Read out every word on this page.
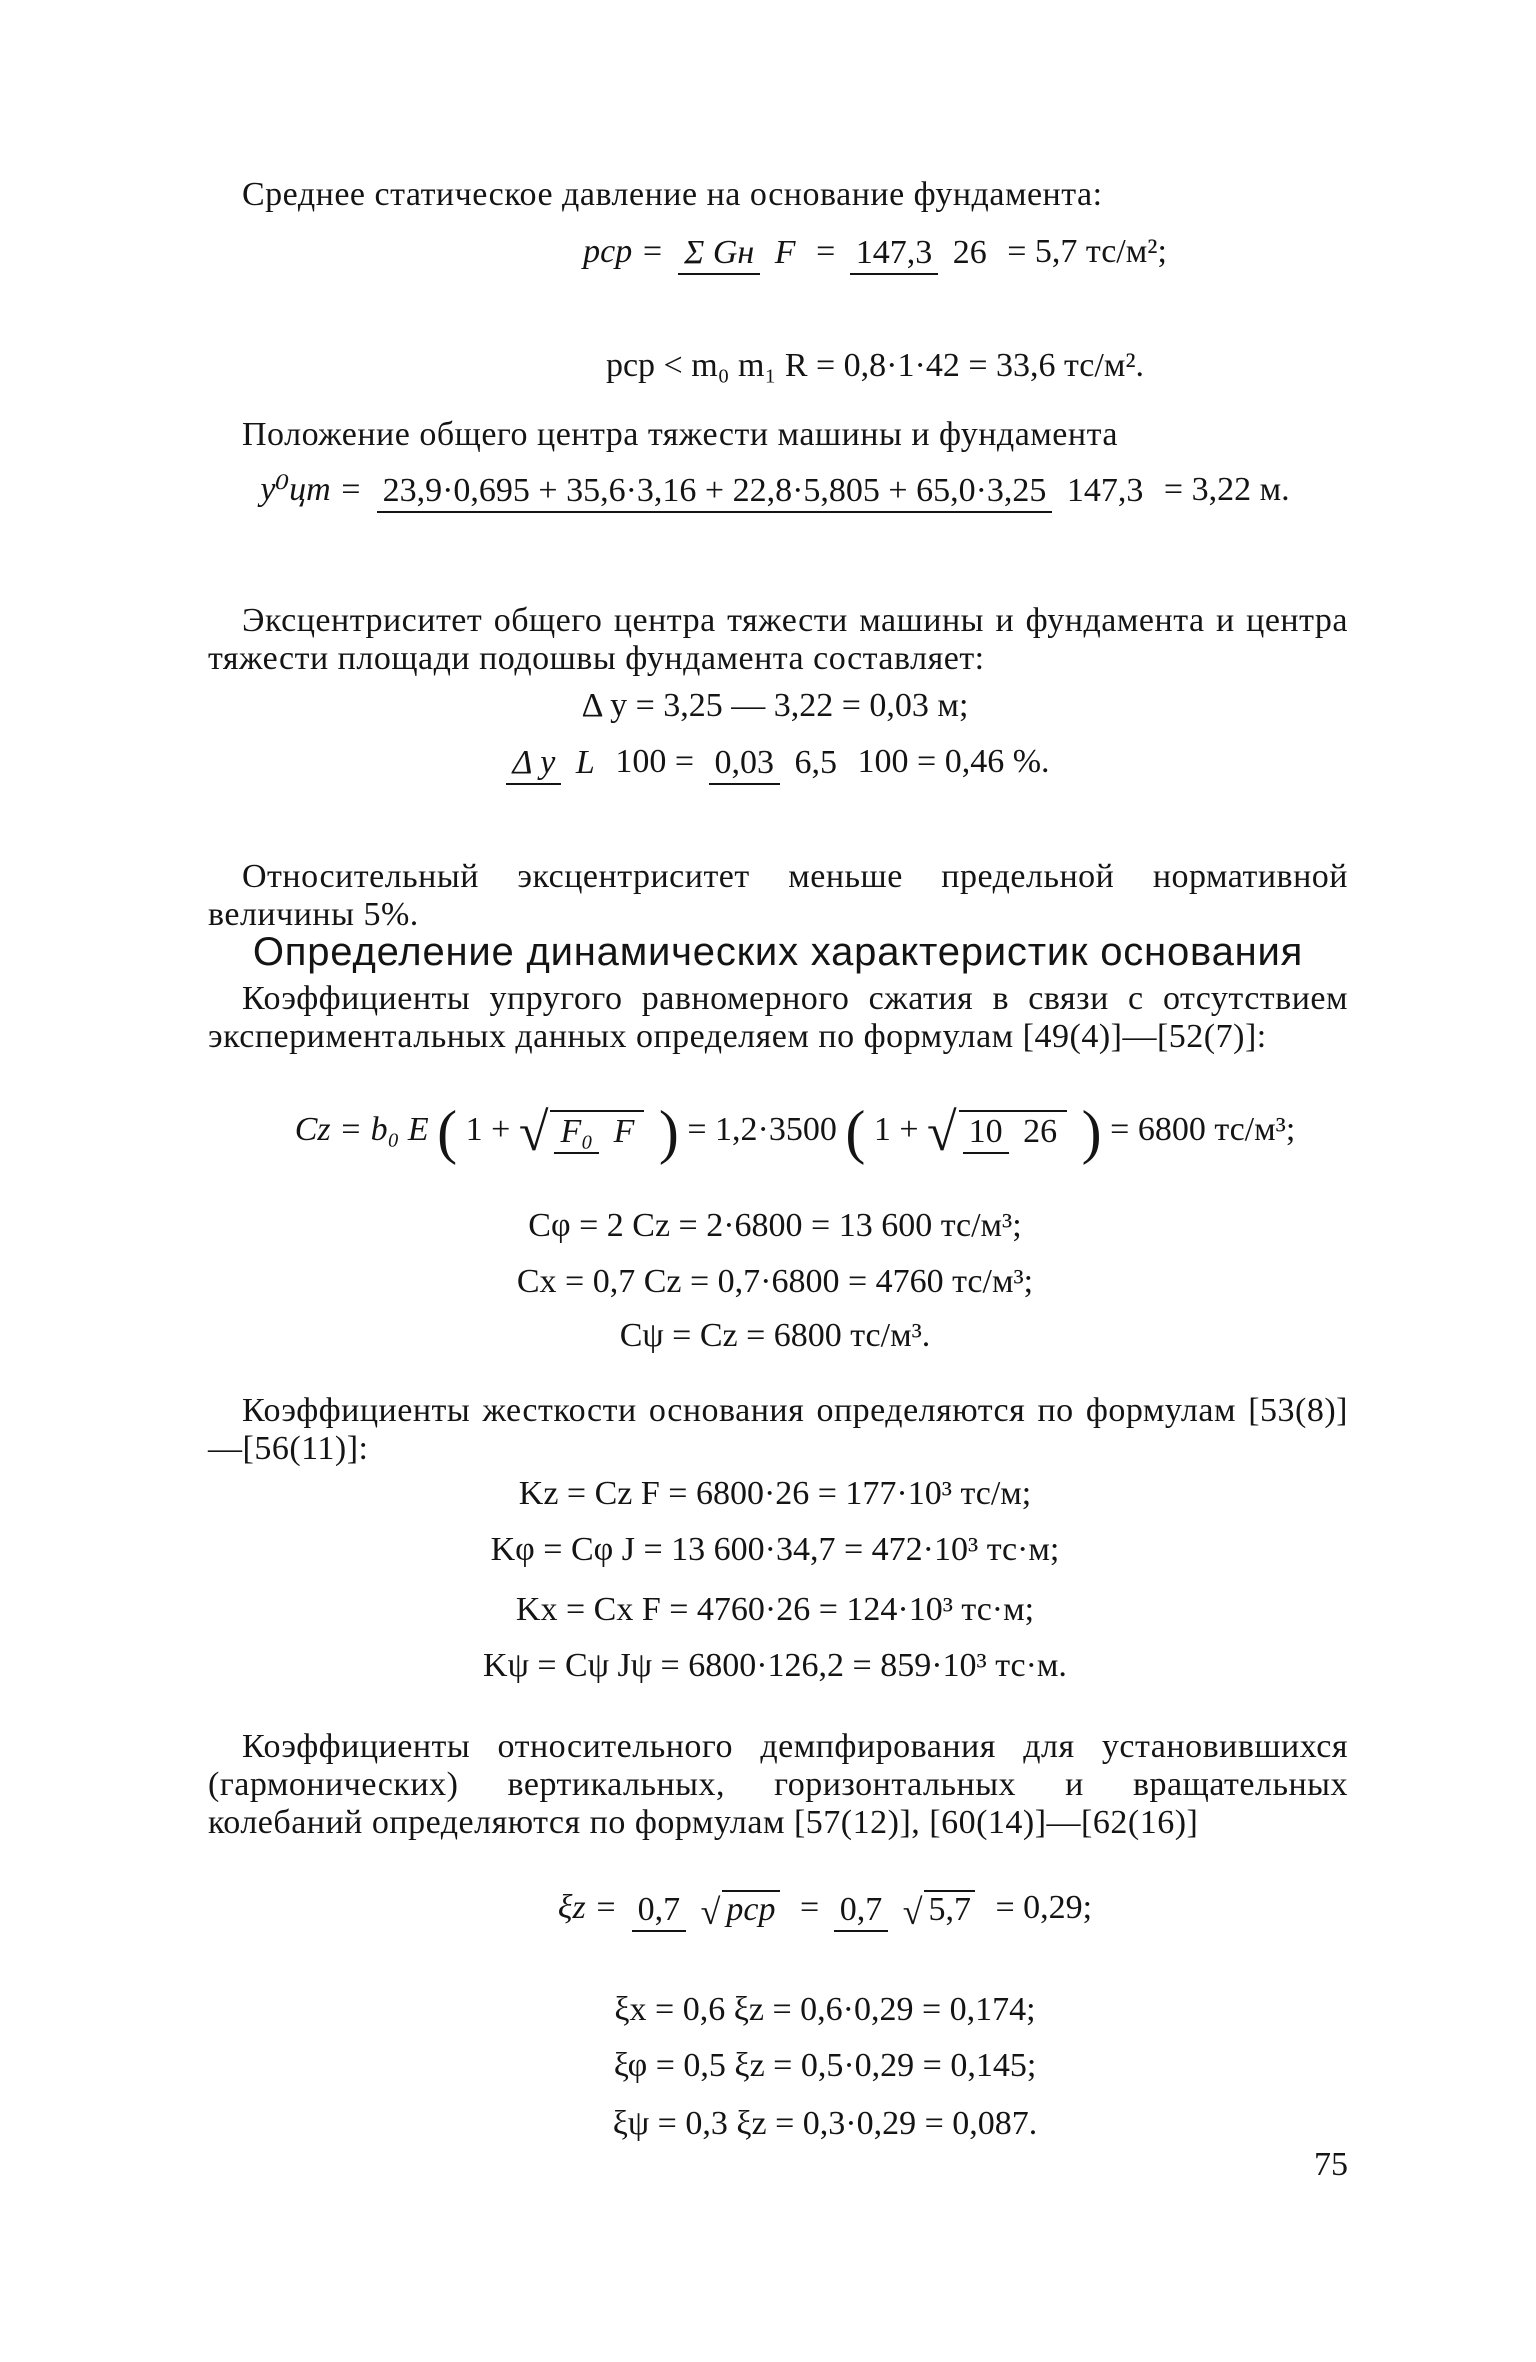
Среднее статическое давление на основание фундамента:
pср = Σ Gн F = 147,3 26 = 5,7 тс/м²;
pср < m₀ m₁ R = 0,8·1·42 = 33,6 тс/м².
Положение общего центра тяжести машины и фундамента
y⁰цт = 23,9·0,695 + 35,6·3,16 + 22,8·5,805 + 65,0·3,25 147,3 = 3,22 м.
Эксцентриситет общего центра тяжести машины и фундамента и центра тяжести площади подошвы фундамента составляет:
Δ y = 3,25 — 3,22 = 0,03 м;
Δ y L 100 = 0,03 6,5 100 = 0,46 %.
Относительный эксцентриситет меньше предельной нормативной величины 5%.
Определение динамических характеристик основания
Коэффициенты упругого равномерного сжатия в связи с отсутствием экспериментальных данных определяем по формулам [49(4)]—[52(7)]:
Cz = b₀ E ( 1 + √ F₀ F ) = 1,2·3500 ( 1 + √ 10 26 ) = 6800 тс/м³;
Cφ = 2 Cz = 2·6800 = 13 600 тс/м³;
Cx = 0,7 Cz = 0,7·6800 = 4760 тс/м³;
Cψ = Cz = 6800 тс/м³.
Коэффициенты жесткости основания определяются по формулам [53(8)]—[56(11)]:
Kz = Cz F = 6800·26 = 177·10³ тс/м;
Kφ = Cφ J = 13 600·34,7 = 472·10³ тс·м;
Kx = Cx F = 4760·26 = 124·10³ тс·м;
Kψ = Cψ Jψ = 6800·126,2 = 859·10³ тс·м.
Коэффициенты относительного демпфирования для установившихся (гармонических) вертикальных, горизонтальных и вращательных колебаний определяются по формулам [57(12)], [60(14)]—[62(16)]
ξz = 0,7 √ pср = 0,7 √ 5,7 = 0,29;
ξx = 0,6 ξz = 0,6·0,29 = 0,174;
ξφ = 0,5 ξz = 0,5·0,29 = 0,145;
ξψ = 0,3 ξz = 0,3·0,29 = 0,087.
75
